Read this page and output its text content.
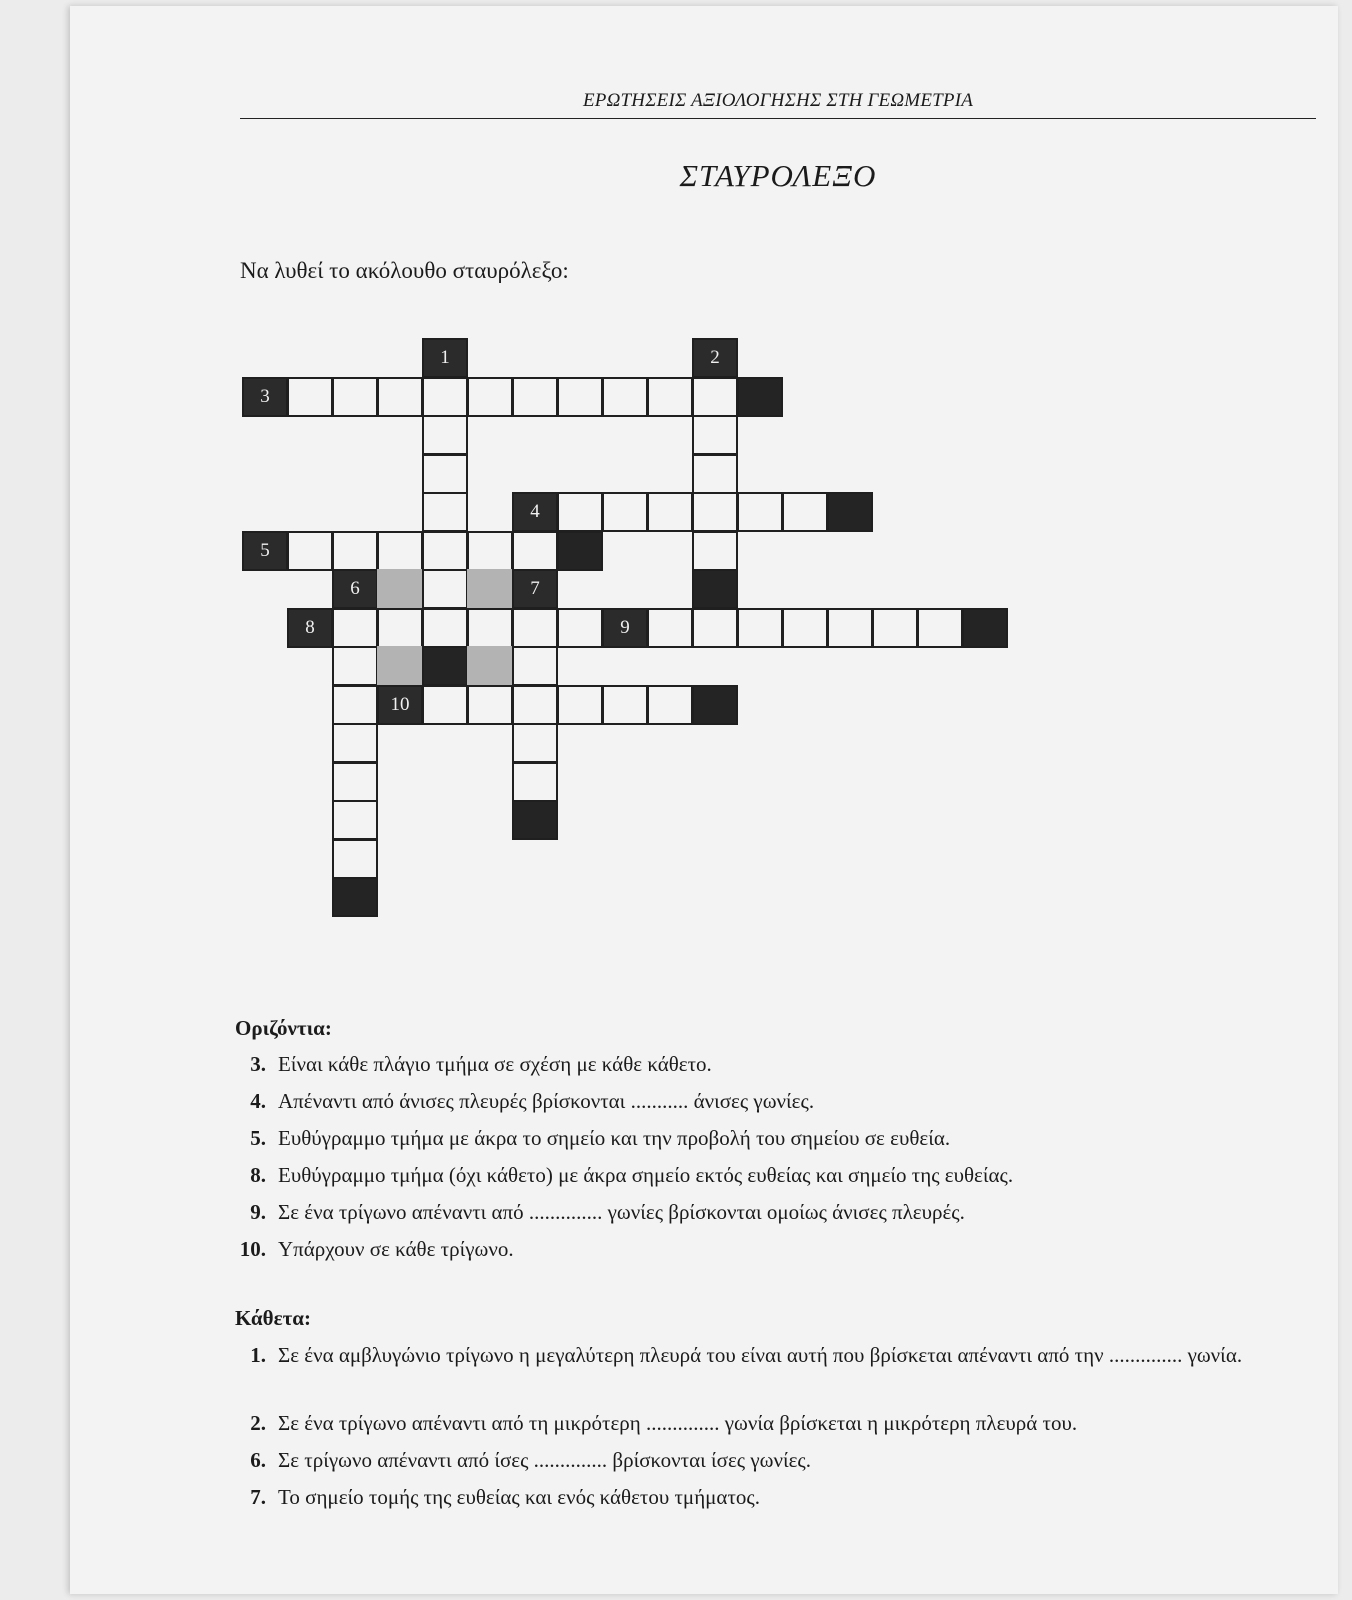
ΕΡΩΤΗΣΕΙΣ ΑΞΙΟΛΟΓΗΣΗΣ ΣΤΗ ΓΕΩΜΕΤΡΙΑ
ΣΤΑΥΡΟΛΕΞΟ
Να λυθεί το ακόλουθο σταυρόλεξο:
1	2
3
4
5
6	7
8	9
10
Οριζόντια:
3. Είναι κάθε πλάγιο τμήμα σε σχέση με κάθε κάθετο.
4. Απέναντι από άνισες πλευρές βρίσκονται ........... άνισες γωνίες.
5. Ευθύγραμμο τμήμα με άκρα το σημείο και την προβολή του σημείου σε ευθεία.
8. Ευθύγραμμο τμήμα (όχι κάθετο) με άκρα σημείο εκτός ευθείας και σημείο της ευθείας.
9. Σε ένα τρίγωνο απέναντι από .............. γωνίες βρίσκονται ομοίως άνισες πλευρές.
10. Υπάρχουν σε κάθε τρίγωνο.
Κάθετα:
1. Σε ένα αμβλυγώνιο τρίγωνο η μεγαλύτερη πλευρά του είναι αυτή που βρίσκεται απέναντι από την .............. γωνία.
2. Σε ένα τρίγωνο απέναντι από τη μικρότερη .............. γωνία βρίσκεται η μικρότερη πλευρά του.
6. Σε τρίγωνο απέναντι από ίσες .............. βρίσκονται ίσες γωνίες.
7. Το σημείο τομής της ευθείας και ενός κάθετου τμήματος.
